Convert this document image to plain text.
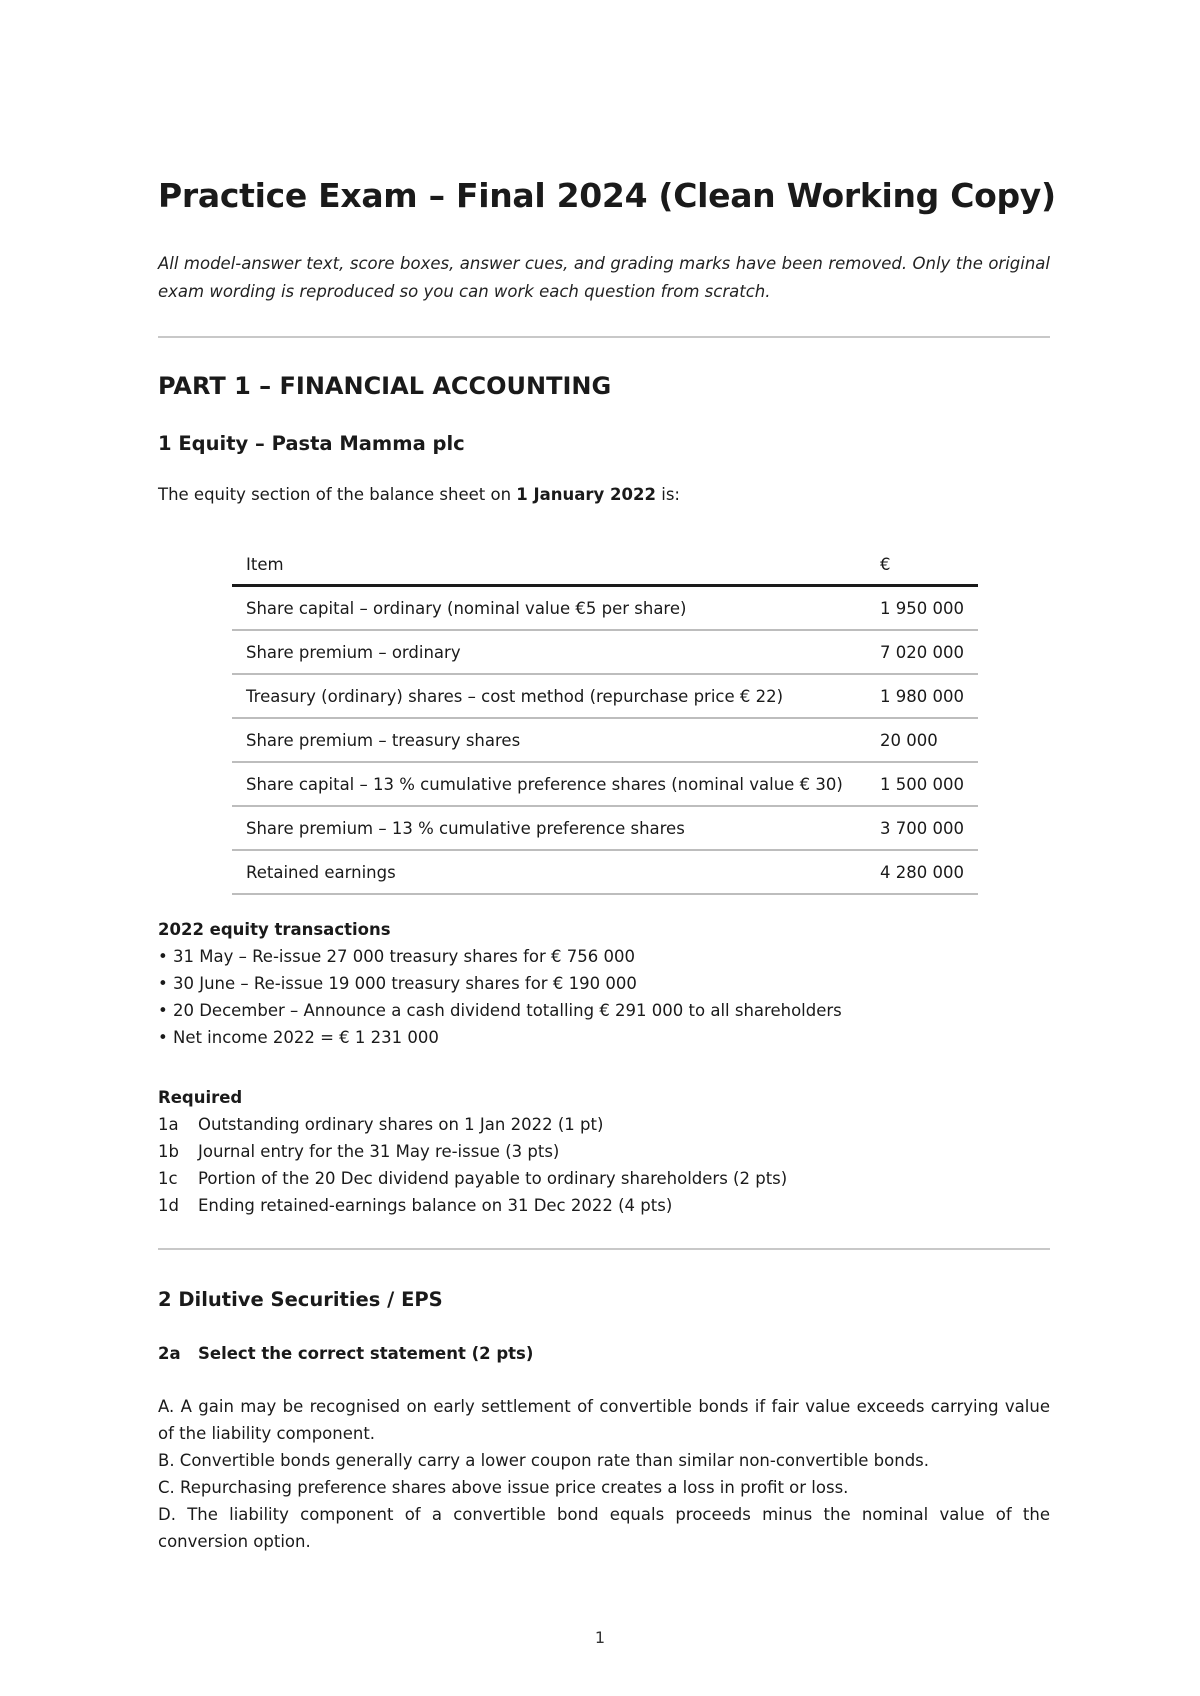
Practice Exam – Final 2024 (Clean Working Copy)

All model-answer text, score boxes, answer cues, and grading marks have been removed. Only the original exam wording is reproduced so you can work each question from scratch.

PART 1 – FINANCIAL ACCOUNTING
1 Equity – Pasta Mamma plc

The equity section of the balance sheet on 1 January 2022 is:

Item	€
Share capital – ordinary (nominal value €5 per share)	1 950 000
Share premium – ordinary	7 020 000
Treasury (ordinary) shares – cost method (repurchase price € 22)	1 980 000
Share premium – treasury shares	20 000
Share capital – 13 % cumulative preference shares (nominal value € 30)	1 500 000
Share premium – 13 % cumulative preference shares	3 700 000
Retained earnings	4 280 000
2022 equity transactions
• 31 May – Re-issue 27 000 treasury shares for € 756 000
• 30 June – Re-issue 19 000 treasury shares for € 190 000
• 20 December – Announce a cash dividend totalling € 291 000 to all shareholders
• Net income 2022 = € 1 231 000
Required
1a Outstanding ordinary shares on 1 Jan 2022 (1 pt)
1b Journal entry for the 31 May re-issue (3 pts)
1c Portion of the 20 Dec dividend payable to ordinary shareholders (2 pts)
1d Ending retained-earnings balance on 31 Dec 2022 (4 pts)
2 Dilutive Securities / EPS

2a Select the correct statement (2 pts)

A. A gain may be recognised on early settlement of convertible bonds if fair value exceeds carrying value of the liability component.
B. Convertible bonds generally carry a lower coupon rate than similar non-convertible bonds.
C. Repurchasing preference shares above issue price creates a loss in profit or loss.
D. The liability component of a convertible bond equals proceeds minus the nominal value of the conversion option.
1
